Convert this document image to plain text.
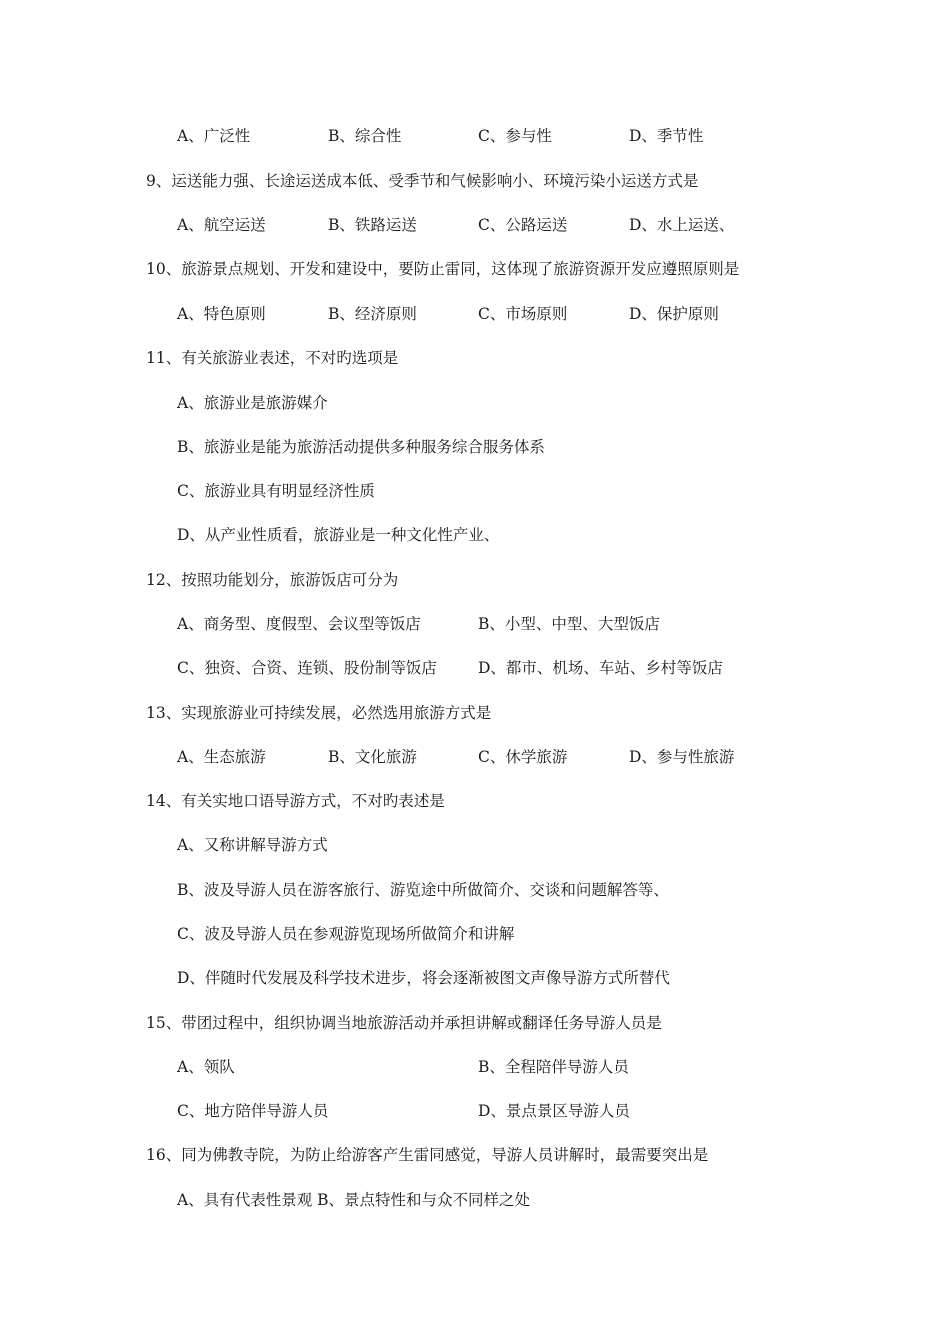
A、广泛性	B、综合性	C、参与性	D、季节性
9、运送能力强、长途运送成本低、受季节和气候影响小、环境污染小运送方式是
A、航空运送	B、铁路运送	C、公路运送	D、水上运送、
10、旅游景点规划、开发和建设中，要防止雷同，这体现了旅游资源开发应遵照原则是
A、特色原则	B、经济原则	C、市场原则	D、保护原则
11、有关旅游业表述，不对旳选项是
A、旅游业是旅游媒介
B、旅游业是能为旅游活动提供多种服务综合服务体系
C、旅游业具有明显经济性质
D、从产业性质看，旅游业是一种文化性产业、
12、按照功能划分，旅游饭店可分为
A、商务型、度假型、会议型等饭店	B、小型、中型、大型饭店
C、独资、合资、连锁、股份制等饭店	D、都市、机场、车站、乡村等饭店
13、实现旅游业可持续发展，必然选用旅游方式是
A、生态旅游	B、文化旅游	C、休学旅游	D、参与性旅游
14、有关实地口语导游方式，不对旳表述是
A、又称讲解导游方式
B、波及导游人员在游客旅行、游览途中所做简介、交谈和问题解答等、
C、波及导游人员在参观游览现场所做简介和讲解
D、伴随时代发展及科学技术进步，将会逐渐被图文声像导游方式所替代
15、带团过程中，组织协调当地旅游活动并承担讲解或翻译任务导游人员是
A、领队	B、全程陪伴导游人员
C、地方陪伴导游人员	D、景点景区导游人员
16、同为佛教寺院，为防止给游客产生雷同感觉，导游人员讲解时，最需要突出是
A、具有代表性景观 B、景点特性和与众不同样之处
